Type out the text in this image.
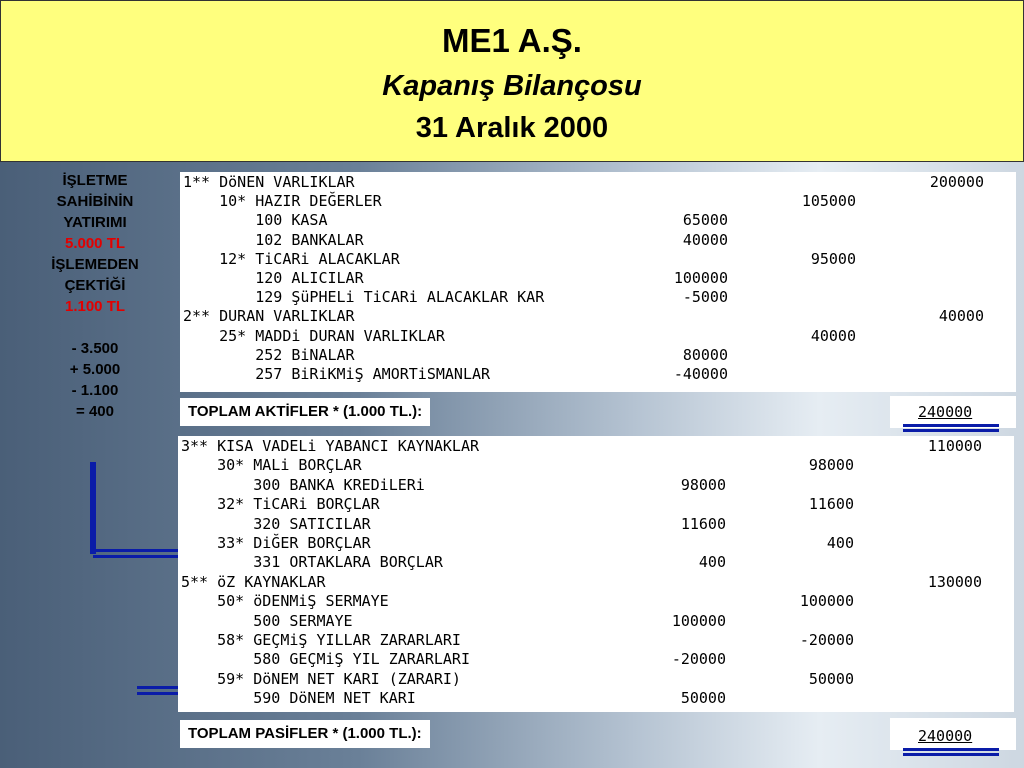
ME1 A.Ş.
Kapanış Bilançosu
31 Aralık 2000
İŞLETME
SAHİBİNİN
YATIRIMI
5.000 TL
İŞLEMEDEN
ÇEKTİĞİ
1.100 TL
- 3.500
+ 5.000
- 1.100
= 400
1** DöNEN VARLIKLAR	200000
10* HAZIR DEĞERLER	105000
100 KASA	65000
102 BANKALAR	40000
12* TiCARi ALACAKLAR	95000
120 ALICILAR	100000
129 ŞüPHELi TiCARi ALACAKLAR KAR	-5000
2** DURAN VARLIKLAR	40000
25* MADDi DURAN VARLIKLAR	40000
252 BiNALAR	80000
257 BiRiKMiŞ AMORTiSMANLAR	-40000
TOPLAM AKTİFLER * (1.000 TL.):	240000
3** KISA VADELi YABANCI KAYNAKLAR	110000
30* MALi BORÇLAR	98000
300 BANKA KREDiLERi	98000
32* TiCARi BORÇLAR	11600
320 SATICILAR	11600
33* DiĞER BORÇLAR	400
331 ORTAKLARA BORÇLAR	400
5** öZ KAYNAKLAR	130000
50* öDENMiŞ SERMAYE	100000
500 SERMAYE	100000
58* GEÇMiŞ YILLAR ZARARLARI	-20000
580 GEÇMiŞ YIL ZARARLARI	-20000
59* DöNEM NET KARI (ZARARI)	50000
590 DöNEM NET KARI	50000
TOPLAM PASİFLER * (1.000 TL.):	240000
